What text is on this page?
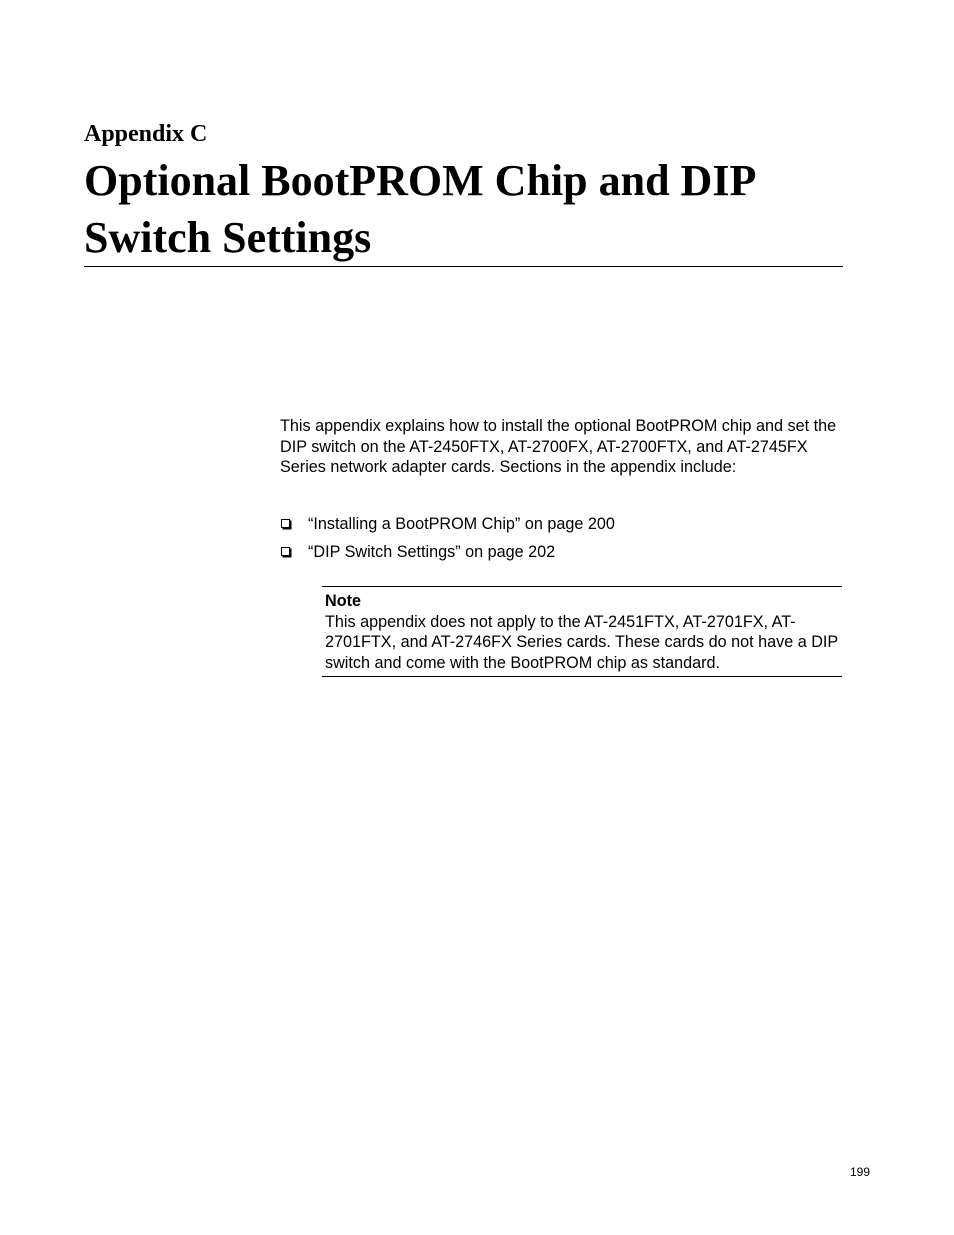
Appendix C
Optional BootPROM Chip and DIP Switch Settings

This appendix explains how to install the optional BootPROM chip and set the DIP switch on the AT-2450FTX, AT-2700FX, AT-2700FTX, and AT-2745FX Series network adapter cards. Sections in the appendix include:

“Installing a BootPROM Chip” on page 200
“DIP Switch Settings” on page 202
Note

This appendix does not apply to the AT-2451FTX, AT-2701FX, AT-2701FTX, and AT-2746FX Series cards. These cards do not have a DIP switch and come with the BootPROM chip as standard.

199
